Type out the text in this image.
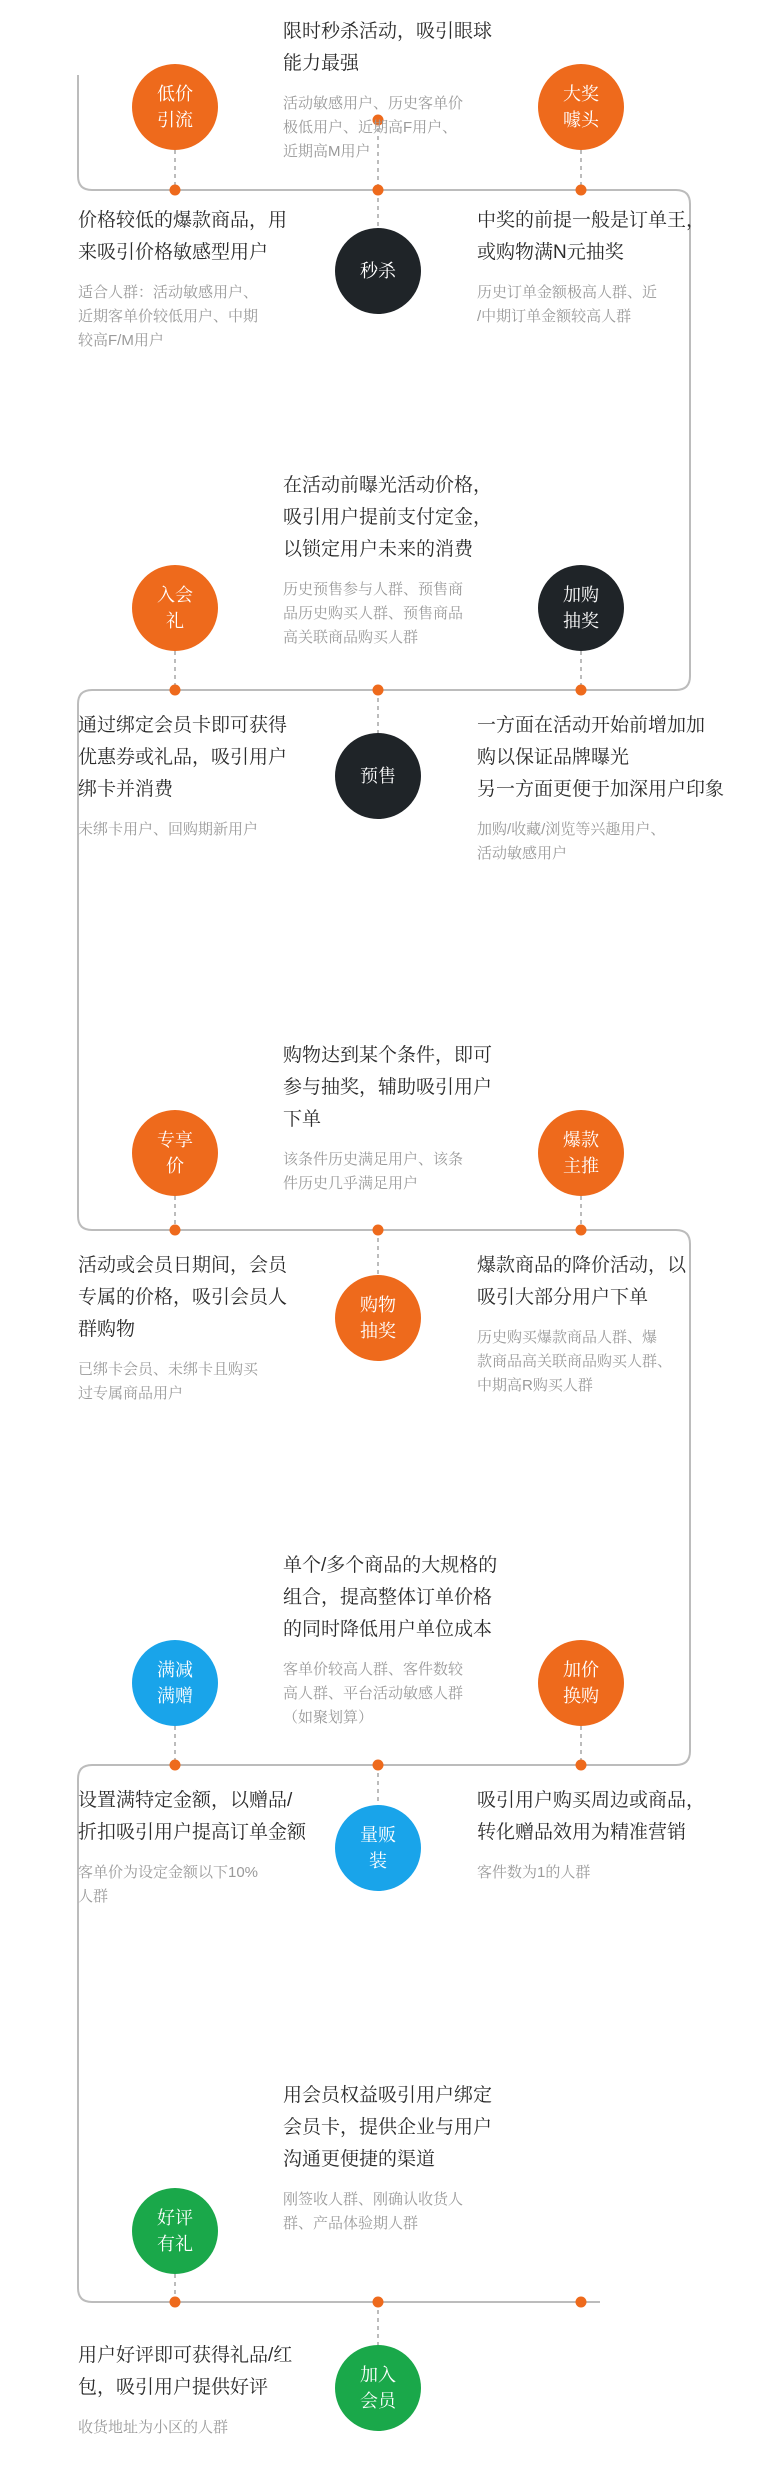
限时秒杀活动，吸引眼球
能力最强

活动敏感用户、历史客单价
极低用户、近期高F用户、
近期高M用户

低价
引流
秒杀
大奖
噱头

价格较低的爆款商品，用
来吸引价格敏感型用户

适合人群：活动敏感用户、
近期客单价较低用户、中期
较高F/M用户

中奖的前提一般是订单王，
或购物满N元抽奖

历史订单金额极高人群、近
/中期订单金额较高人群

在活动前曝光活动价格，
吸引用户提前支付定金，
以锁定用户未来的消费

历史预售参与人群、预售商
品历史购买人群、预售商品
高关联商品购买人群

入会
礼
预售
加购
抽奖

通过绑定会员卡即可获得
优惠券或礼品，吸引用户
绑卡并消费

未绑卡用户、回购期新用户

一方面在活动开始前增加加
购以保证品牌曝光
另一方面更便于加深用户印象

加购/收藏/浏览等兴趣用户、
活动敏感用户

购物达到某个条件，即可
参与抽奖，辅助吸引用户
下单

该条件历史满足用户、该条
件历史几乎满足用户

专享
价
购物
抽奖
爆款
主推

活动或会员日期间，会员
专属的价格，吸引会员人
群购物

已绑卡会员、未绑卡且购买
过专属商品用户

爆款商品的降价活动，以
吸引大部分用户下单

历史购买爆款商品人群、爆
款商品高关联商品购买人群、
中期高R购买人群

单个/多个商品的大规格的
组合，提高整体订单价格
的同时降低用户单位成本

客单价较高人群、客件数较
高人群、平台活动敏感人群
（如聚划算）

满减
满赠
量贩
装
加价
换购

设置满特定金额，以赠品/
折扣吸引用户提高订单金额

客单价为设定金额以下10%
人群

吸引用户购买周边或商品，
转化赠品效用为精准营销

客件数为1的人群

用会员权益吸引用户绑定
会员卡，提供企业与用户
沟通更便捷的渠道

刚签收人群、刚确认收货人
群、产品体验期人群

好评
有礼
加入
会员

用户好评即可获得礼品/红
包，吸引用户提供好评

收货地址为小区的人群
